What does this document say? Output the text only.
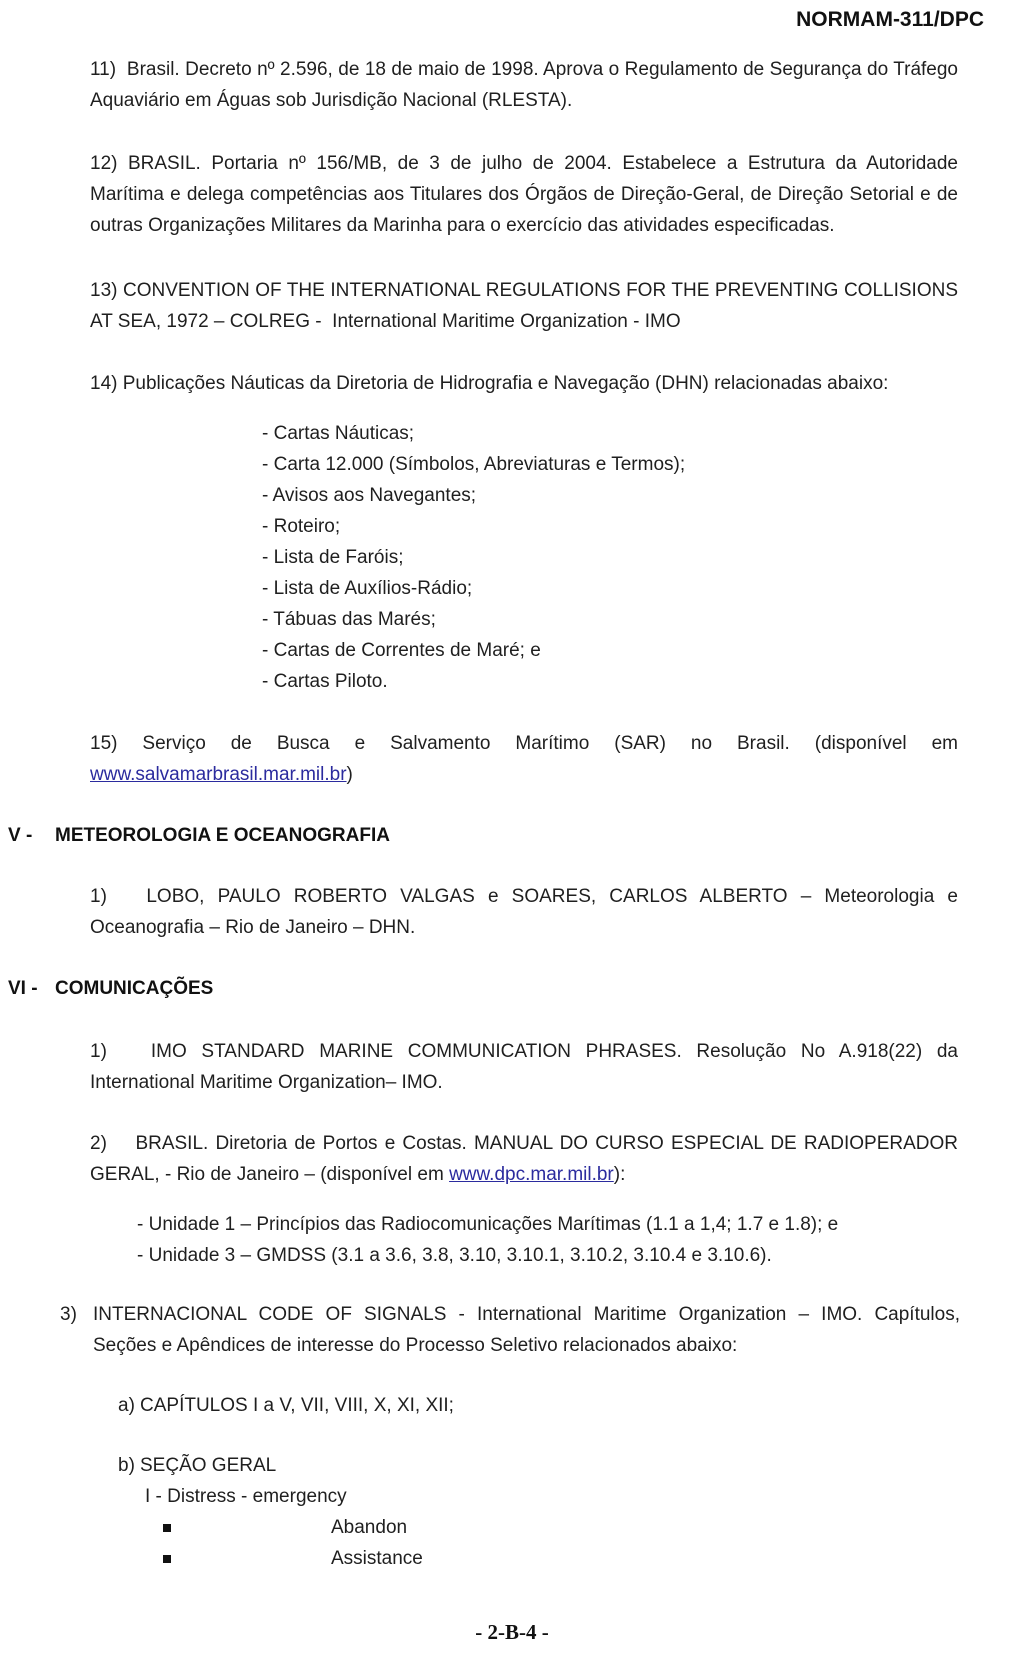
NORMAM-311/DPC

11)  Brasil. Decreto nº 2.596, de 18 de maio de 1998. Aprova o Regulamento de Segurança do Tráfego Aquaviário em Águas sob Jurisdição Nacional (RLESTA).

12) BRASIL. Portaria nº 156/MB, de 3 de julho de 2004. Estabelece a Estrutura da Autoridade Marítima e delega competências aos Titulares dos Órgãos de Direção-Geral, de Direção Setorial e de outras Organizações Militares da Marinha para o exercício das atividades especificadas.

13) CONVENTION OF THE INTERNATIONAL REGULATIONS FOR THE PREVENTING COLLISIONS AT SEA, 1972 – COLREG -  International Maritime Organization - IMO

14) Publicações Náuticas da Diretoria de Hidrografia e Navegação (DHN) relacionadas abaixo:

- Cartas Náuticas;
- Carta 12.000 (Símbolos, Abreviaturas e Termos);
- Avisos aos Navegantes;
- Roteiro;
- Lista de Faróis;
- Lista de Auxílios-Rádio;
- Tábuas das Marés;
- Cartas de Correntes de Maré; e
- Cartas Piloto.

15) Serviço de Busca e Salvamento Marítimo (SAR) no Brasil. (disponível em www.salvamarbrasil.mar.mil.br)

V -	METEOROLOGIA E OCEANOGRAFIA

1)   LOBO, PAULO ROBERTO VALGAS e SOARES, CARLOS ALBERTO – Meteorologia e Oceanografia – Rio de Janeiro – DHN.

VI - COMUNICAÇÕES

1)   IMO STANDARD MARINE COMMUNICATION PHRASES. Resolução No A.918(22) da International Maritime Organization– IMO.

2)    BRASIL. Diretoria de Portos e Costas. MANUAL DO CURSO ESPECIAL DE RADIOPERADOR GERAL, - Rio de Janeiro – (disponível em www.dpc.mar.mil.br):

- Unidade 1 – Princípios das Radiocomunicações Marítimas (1.1 a 1,4; 1.7 e 1.8); e
- Unidade 3 – GMDSS (3.1 a 3.6, 3.8, 3.10, 3.10.1, 3.10.2, 3.10.4 e 3.10.6).

3) INTERNACIONAL CODE OF SIGNALS - International Maritime Organization – IMO. Capítulos, Seções e Apêndices de interesse do Processo Seletivo relacionados abaixo:

a) CAPÍTULOS I a V, VII, VIII, X, XI, XII;
b) SEÇÃO GERAL
I - Distress - emergency
Abandon
Assistance
- 2-B-4 -
